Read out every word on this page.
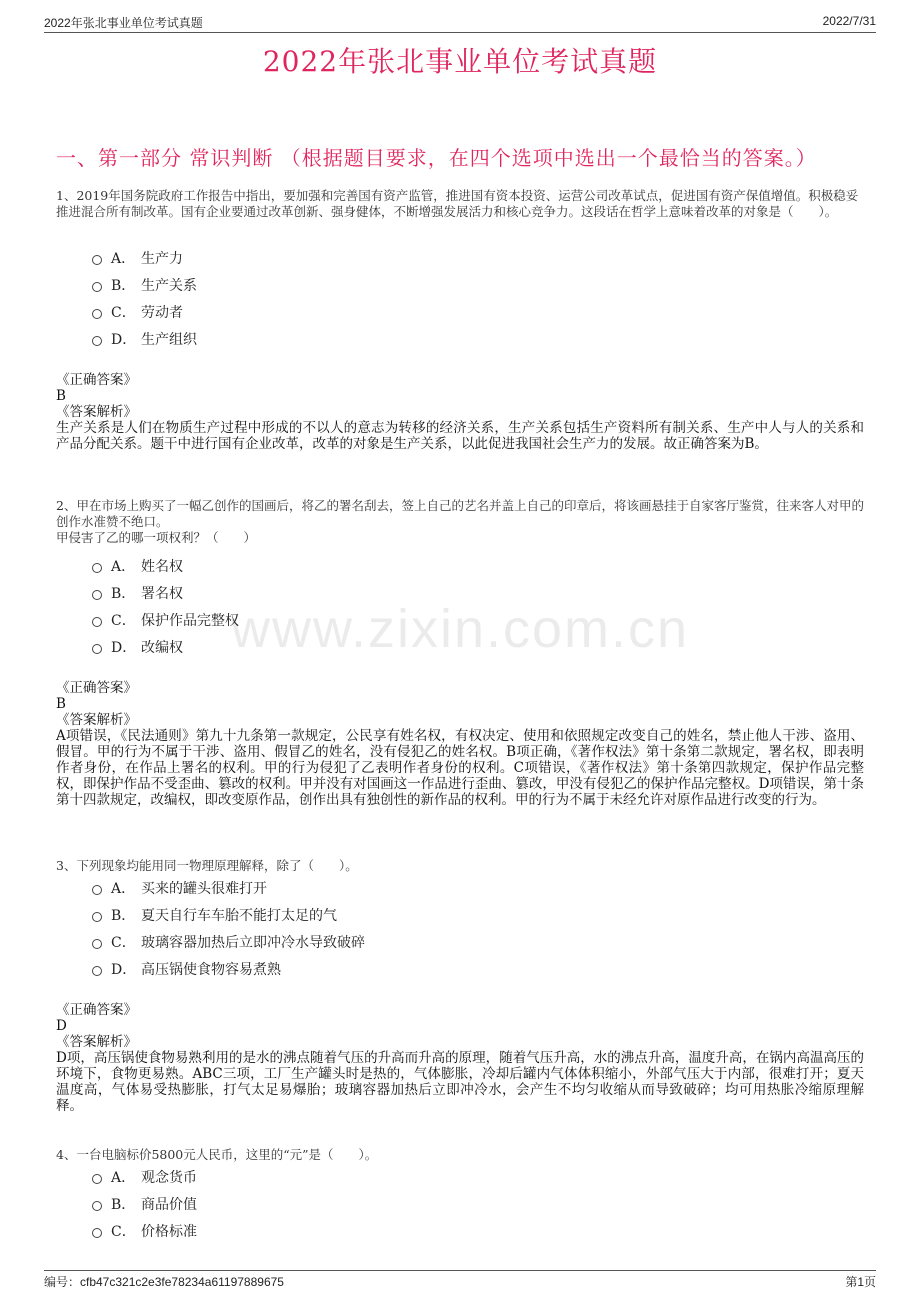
2022年张北事业单位考试真题	2022/7/31
2022年张北事业单位考试真题
一、第一部分 常识判断 （根据题目要求，在四个选项中选出一个最恰当的答案。）
www.zixin.com.cn
1、2019年国务院政府工作报告中指出，要加强和完善国有资产监管，推进国有资本投资、运营公司改革试点，促进国有资产保值增值。积极稳妥推进混合所有制改革。国有企业要通过改革创新、强身健体，不断增强发展活力和核心竞争力。这段话在哲学上意味着改革的对象是（　　）。
A． 生产力
B． 生产关系
C． 劳动者
D． 生产组织
《正确答案》
B
《答案解析》
生产关系是人们在物质生产过程中形成的不以人的意志为转移的经济关系，生产关系包括生产资料所有制关系、生产中人与人的关系和产品分配关系。题干中进行国有企业改革，改革的对象是生产关系，以此促进我国社会生产力的发展。故正确答案为B。
2、甲在市场上购买了一幅乙创作的国画后，将乙的署名刮去，签上自己的艺名并盖上自己的印章后，将该画悬挂于自家客厅鉴赏，往来客人对甲的创作水准赞不绝口。
甲侵害了乙的哪一项权利？（　　）
A． 姓名权
B． 署名权
C． 保护作品完整权
D． 改编权
《正确答案》
B
《答案解析》
A项错误，《民法通则》第九十九条第一款规定，公民享有姓名权，有权决定、使用和依照规定改变自己的姓名，禁止他人干涉、盗用、假冒。甲的行为不属于干涉、盗用、假冒乙的姓名，没有侵犯乙的姓名权。B项正确，《著作权法》第十条第二款规定，署名权，即表明作者身份，在作品上署名的权利。甲的行为侵犯了乙表明作者身份的权利。C项错误，《著作权法》第十条第四款规定，保护作品完整权，即保护作品不受歪曲、篡改的权利。甲并没有对国画这一作品进行歪曲、篡改，甲没有侵犯乙的保护作品完整权。D项错误，第十条第十四款规定，改编权，即改变原作品，创作出具有独创性的新作品的权利。甲的行为不属于未经允许对原作品进行改变的行为。
3、下列现象均能用同一物理原理解释，除了（　　）。
A． 买来的罐头很难打开
B． 夏天自行车车胎不能打太足的气
C． 玻璃容器加热后立即冲冷水导致破碎
D． 高压锅使食物容易煮熟
《正确答案》
D
《答案解析》
D项，高压锅使食物易熟利用的是水的沸点随着气压的升高而升高的原理，随着气压升高，水的沸点升高，温度升高，在锅内高温高压的环境下，食物更易熟。ABC三项，工厂生产罐头时是热的，气体膨胀，冷却后罐内气体体积缩小，外部气压大于内部，很难打开；夏天温度高，气体易受热膨胀，打气太足易爆胎；玻璃容器加热后立即冲冷水，会产生不均匀收缩从而导致破碎；均可用热胀冷缩原理解释。
4、一台电脑标价5800元人民币，这里的“元”是（　　）。
A． 观念货币
B． 商品价值
C． 价格标准
编号：cfb47c321c2e3fe78234a61197889675	第1页
